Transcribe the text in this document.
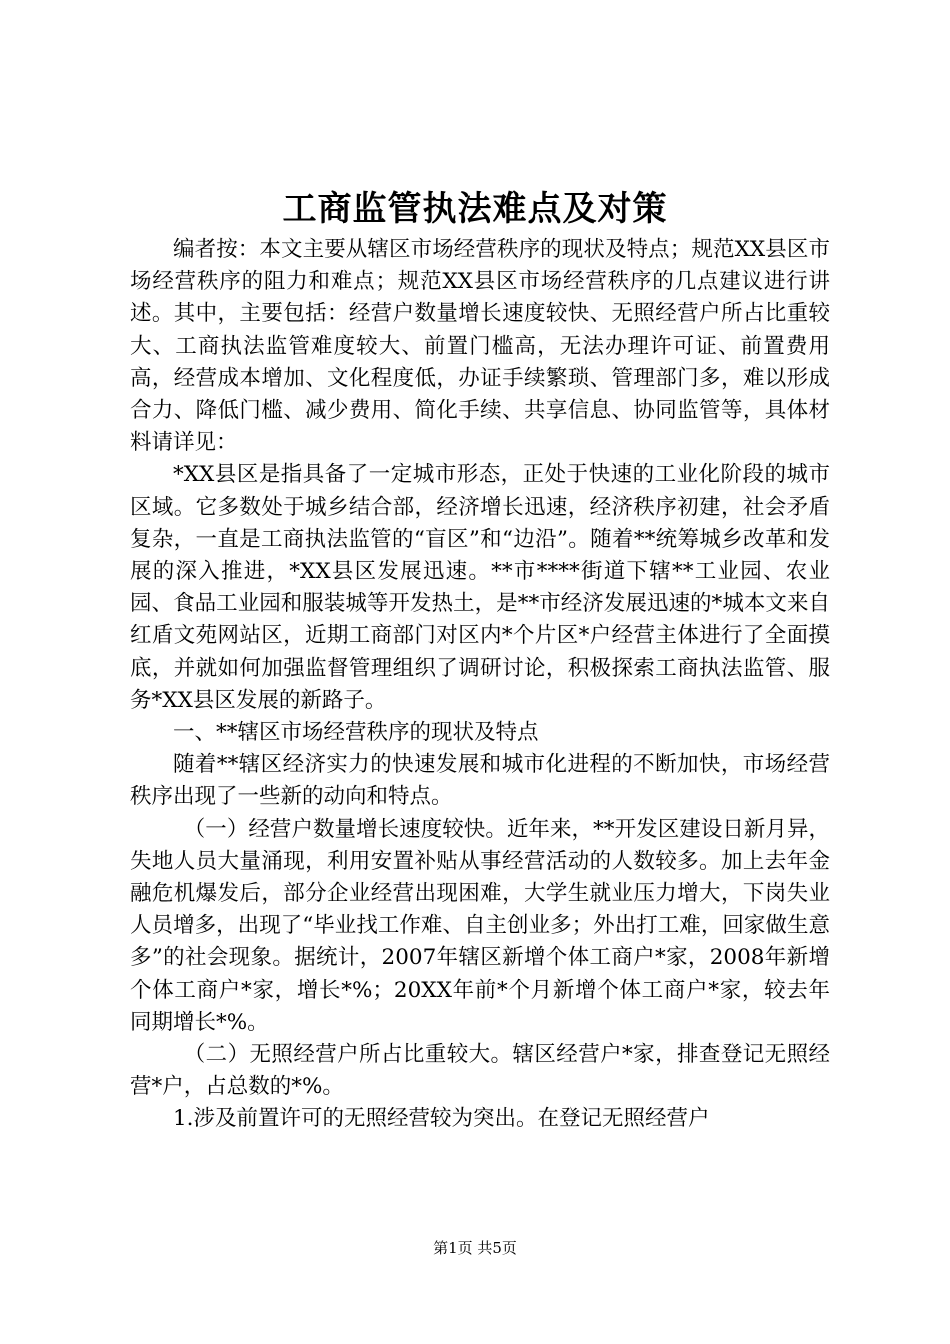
工商监管执法难点及对策

编者按：本文主要从辖区市场经营秩序的现状及特点；规范XX县区市场经营秩序的阻力和难点；规范XX县区市场经营秩序的几点建议进行讲述。其中，主要包括：经营户数量增长速度较快、无照经营户所占比重较大、工商执法监管难度较大、前置门槛高，无法办理许可证、前置费用高，经营成本增加、文化程度低，办证手续繁琐、管理部门多，难以形成合力、降低门槛、减少费用、简化手续、共享信息、协同监管等，具体材料请详见：

*XX县区是指具备了一定城市形态，正处于快速的工业化阶段的城市区域。它多数处于城乡结合部，经济增长迅速，经济秩序初建，社会矛盾复杂，一直是工商执法监管的“盲区”和“边沿”。随着**统筹城乡改革和发展的深入推进，*XX县区发展迅速。**市****街道下辖**工业园、农业园、食品工业园和服装城等开发热土，是**市经济发展迅速的*城本文来自红盾文苑网站区，近期工商部门对区内*个片区*户经营主体进行了全面摸底，并就如何加强监督管理组织了调研讨论，积极探索工商执法监管、服务*XX县区发展的新路子。

一、**辖区市场经营秩序的现状及特点

随着**辖区经济实力的快速发展和城市化进程的不断加快，市场经营秩序出现了一些新的动向和特点。

（一）经营户数量增长速度较快。近年来，**开发区建设日新月异，失地人员大量涌现，利用安置补贴从事经营活动的人数较多。加上去年金融危机爆发后，部分企业经营出现困难，大学生就业压力增大，下岗失业人员增多，出现了“毕业找工作难、自主创业多；外出打工难，回家做生意多”的社会现象。据统计，2007年辖区新增个体工商户*家，2008年新增个体工商户*家，增长*%；20XX年前*个月新增个体工商户*家，较去年同期增长*%。

（二）无照经营户所占比重较大。辖区经营户*家，排查登记无照经营*户，占总数的*%。

1.涉及前置许可的无照经营较为突出。在登记无照经营户

第1页 共5页
